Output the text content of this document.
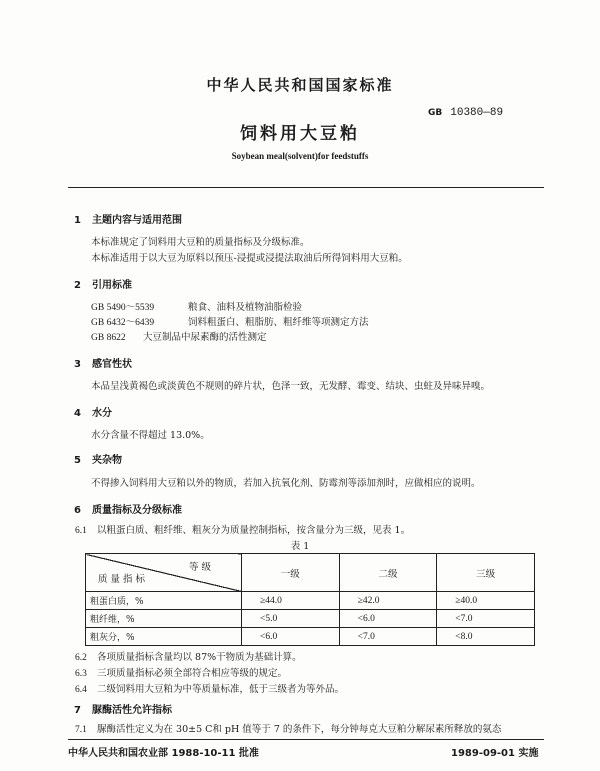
中华人民共和国国家标准
GB 10380—89
饲料用大豆粕
Soybean meal(solvent)for feedstuffs
1 主题内容与适用范围
本标准规定了饲料用大豆粕的质量指标及分级标准。
本标准适用于以大豆为原料以预压-浸提或浸提法取油后所得饲料用大豆粕。
2 引用标准
GB 5490～5539	粮食、油料及植物油脂检验
GB 6432～6439	饲料粗蛋白、粗脂肪、粗纤维等项测定方法
GB 8622 大豆制品中尿素酶的活性测定
3 感官性状
本品呈浅黄褐色或淡黄色不规则的碎片状，色泽一致，无发酵、霉变、结块、虫蛀及异味异嗅。
4 水分
水分含量不得超过 13.0%。
5 夹杂物
不得掺入饲料用大豆粕以外的物质，若加入抗氧化剂、防霉剂等添加剂时，应做相应的说明。
6 质量指标及分级标准
6.1 以粗蛋白质、粗纤维、粗灰分为质量控制指标，按含量分为三级，见表 1。
表 1
等 级
质 量 指 标	一级	二级	三级
粗蛋白质，%	≥44.0	≥42.0	≥40.0
粗纤维，%	<5.0	<6.0	<7.0
粗灰分，%	<6.0	<7.0	<8.0
6.2 各项质量指标含量均以 87%干物质为基础计算。
6.3 三项质量指标必须全部符合相应等级的规定。
6.4 二级饲料用大豆粕为中等质量标准，低于三级者为等外品。
7 脲酶活性允许指标
7.1 脲酶活性定义为在 30±5 C和 pH 值等于 7 的条件下，每分钟每克大豆粕分解尿素所释放的氨态
中华人民共和国农业部 1988-10-11 批准	1989-09-01 实施
